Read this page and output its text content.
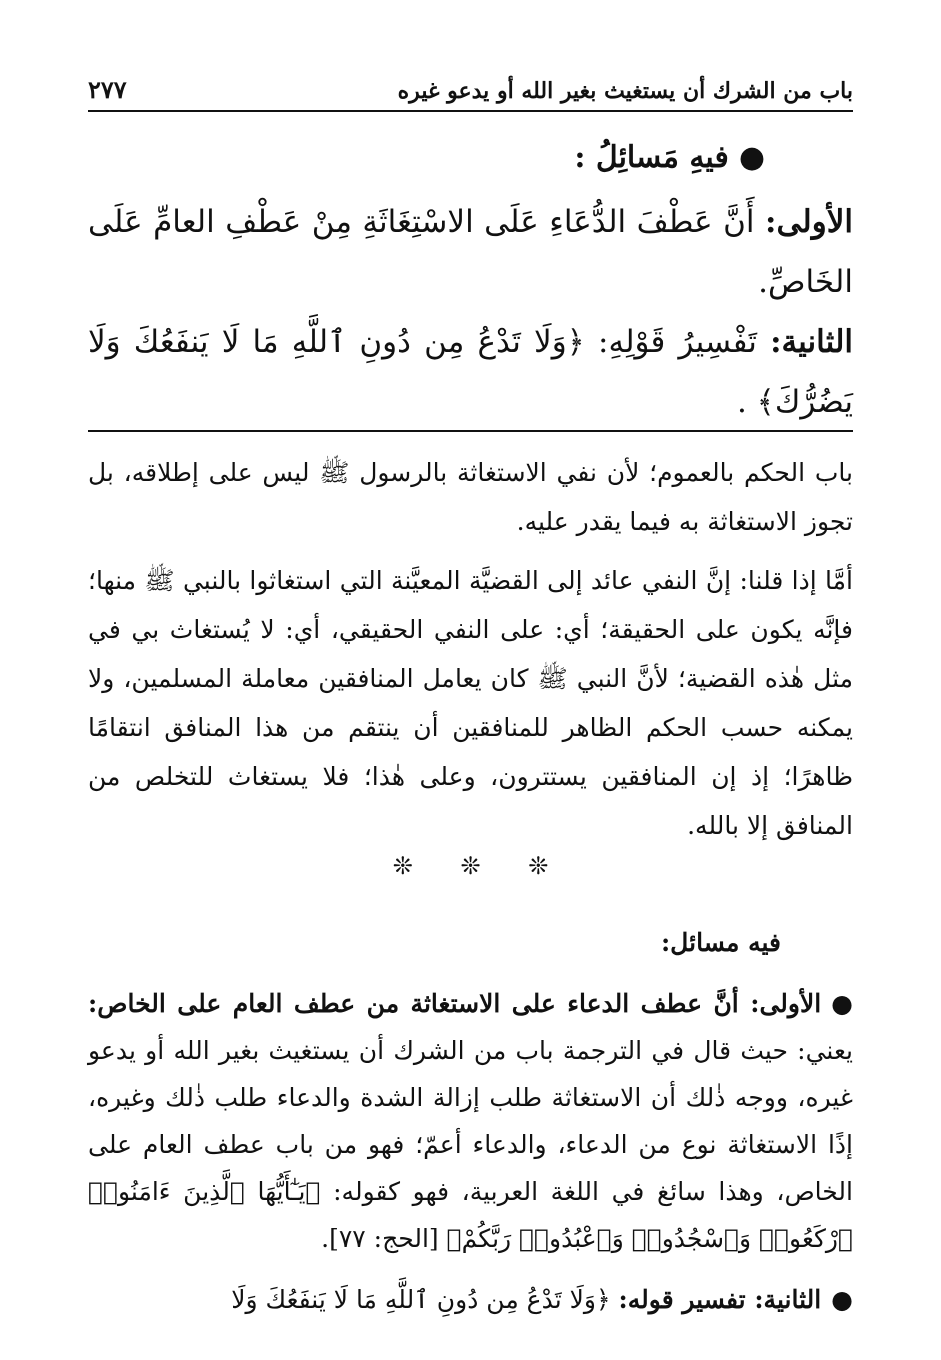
باب من الشرك أن يستغيث بغير الله أو يدعو غيره
٢٧٧
●فيهِ مَسائِلُ :
الأولى: أَنَّ عَطْفَ الدُّعَاءِ عَلَى الاسْتِغَاثَةِ مِنْ عَطْفِ العامِّ عَلَى الخَاصِّ.
الثانية: تَفْسِيرُ قَوْلِهِ: ﴿وَلَا تَدْعُ مِن دُونِ ٱللَّهِ مَا لَا يَنفَعُكَ وَلَا يَضُرُّكَ﴾ .

باب الحكم بالعموم؛ لأن نفي الاستغاثة بالرسول ﷺ ليس على إطلاقه، بل تجوز الاستغاثة به فيما يقدر عليه.

أمَّا إذا قلنا: إنَّ النفي عائد إلى القضيَّة المعيَّنة التي استغاثوا بالنبي ﷺ منها؛ فإنَّه يكون على الحقيقة؛ أي: على النفي الحقيقي، أي: لا يُستغاث بي في مثل هٰذه القضية؛ لأنَّ النبي ﷺ كان يعامل المنافقين معاملة المسلمين، ولا يمكنه حسب الحكم الظاهر للمنافقين أن ينتقم من هذا المنافق انتقامًا ظاهرًا؛ إذ إن المنافقين يستترون، وعلى هٰذا؛ فلا يستغاث للتخلص من المنافق إلا بالله.

❊ ❊ ❊
فيه مسائل:

●الأولى: أنَّ عطف الدعاء على الاستغاثة من عطف العام على الخاص: يعني: حيث قال في الترجمة باب من الشرك أن يستغيث بغير الله أو يدعو غيره، ووجه ذٰلك أن الاستغاثة طلب إزالة الشدة والدعاء طلب ذٰلك وغيره، إذًا الاستغاثة نوع من الدعاء، والدعاء أعمّ؛ فهو من باب عطف العام على الخاص، وهذا سائغ في اللغة العربية، فهو كقوله: ﴿يَـٰٓأَيُّهَا ٱلَّذِينَ ءَامَنُوا۟ ٱرْكَعُوا۟ وَٱسْجُدُوا۟ وَٱعْبُدُوا۟ رَبَّكُمْ﴾ [الحج: ٧٧].

●الثانية: تفسير قوله: ﴿وَلَا تَدْعُ مِن دُونِ ٱللَّهِ مَا لَا يَنفَعُكَ وَلَا
